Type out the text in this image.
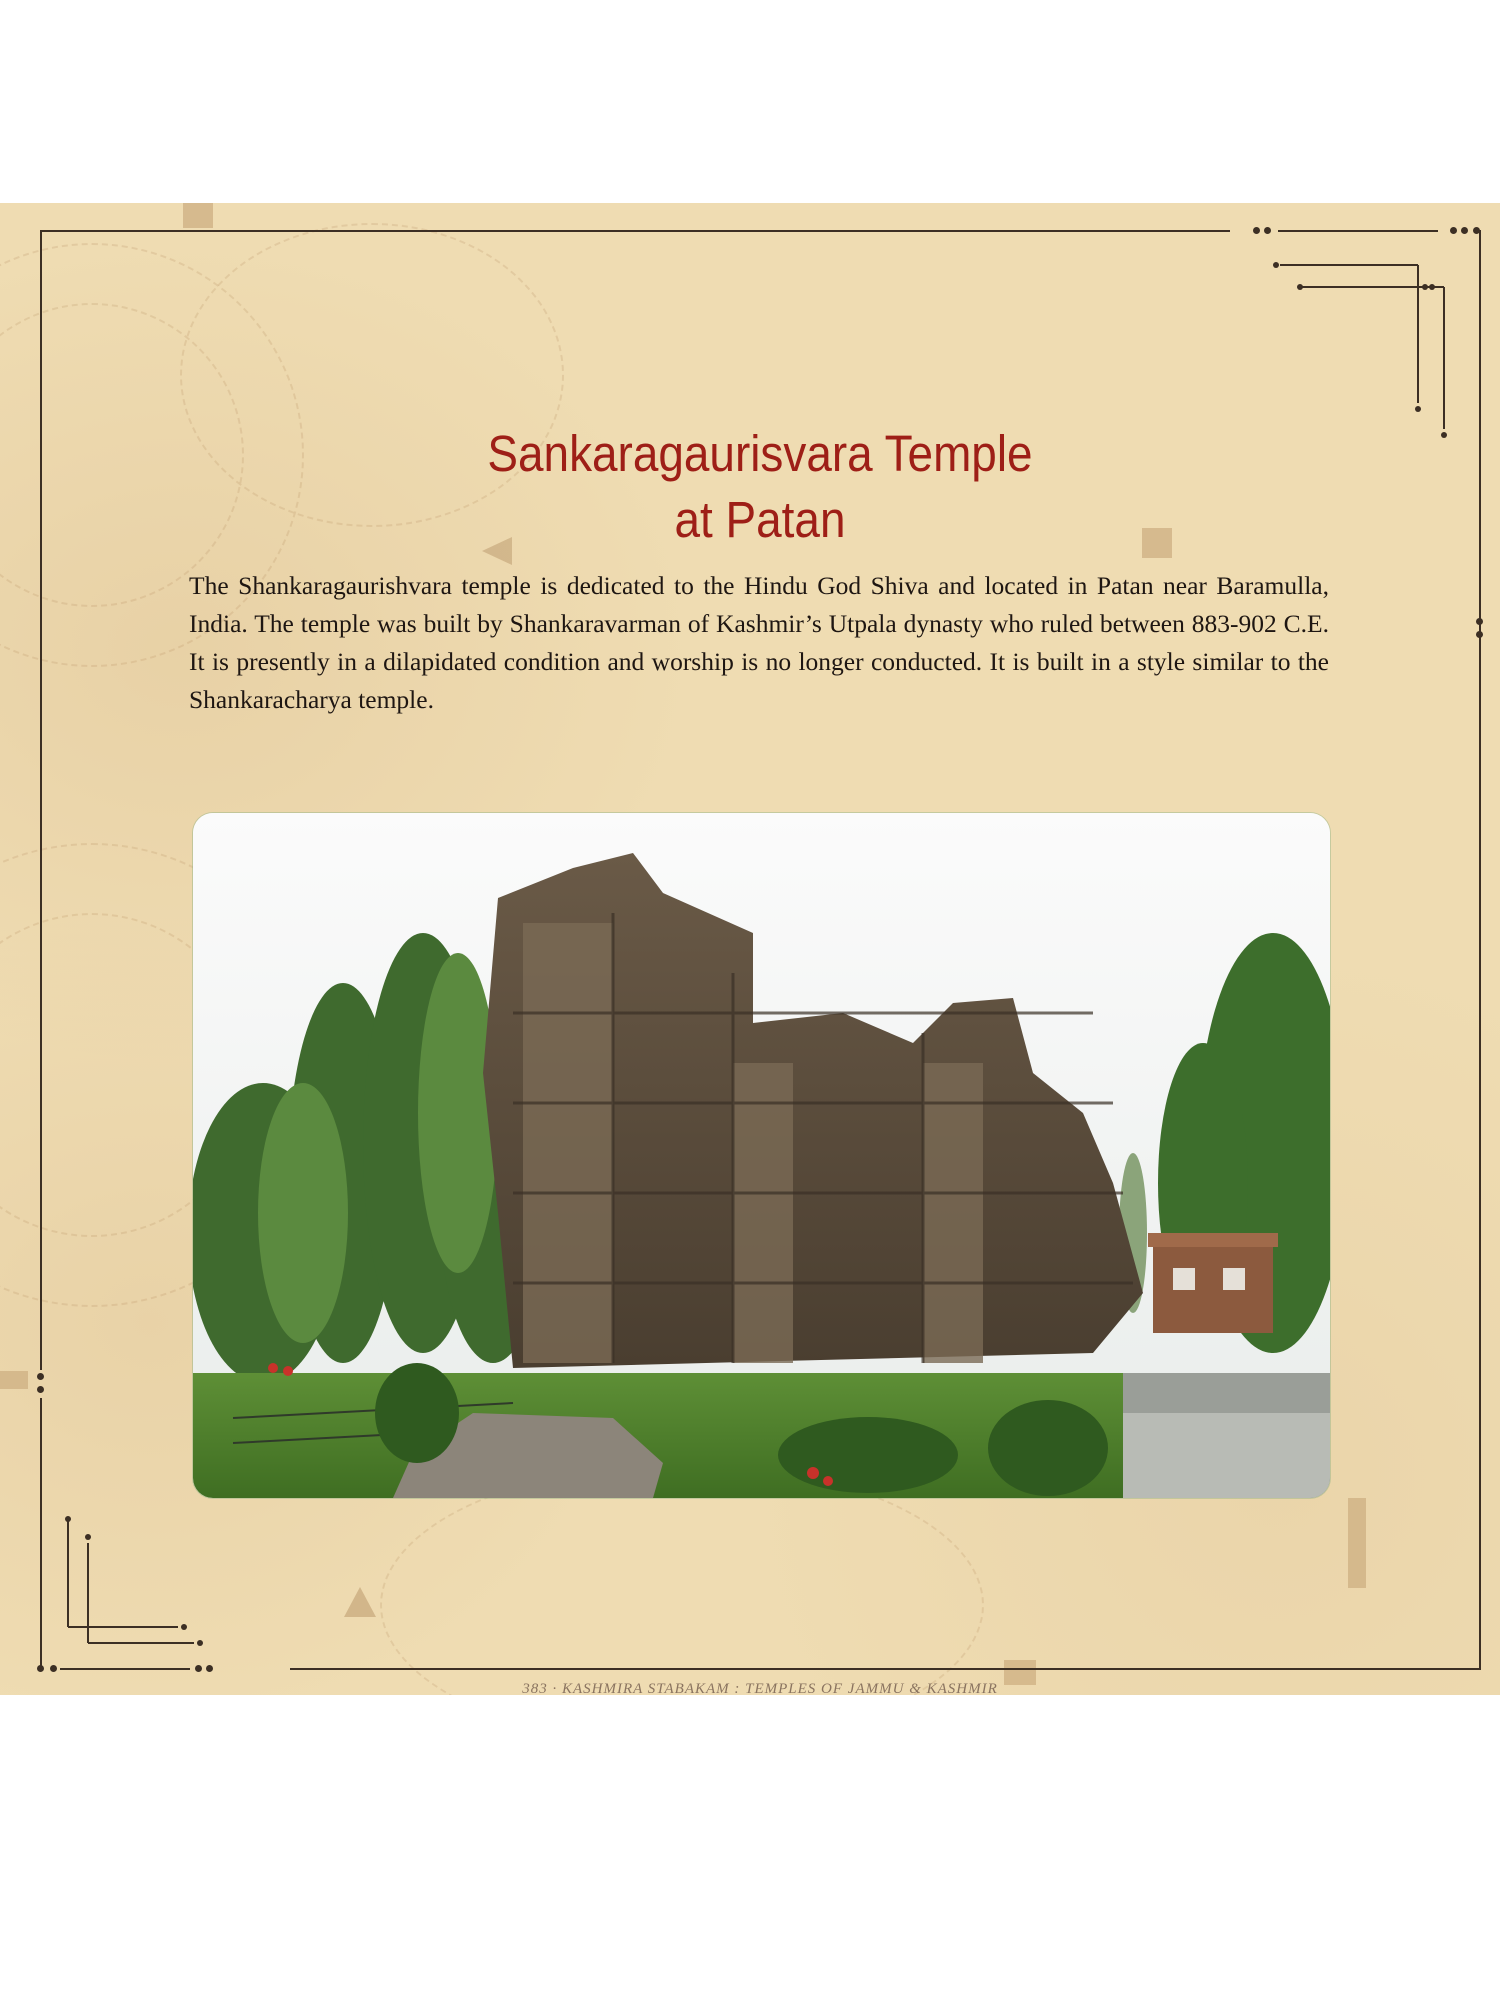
Sankaragaurisvara Temple
at Patan

The Shankaragaurishvara temple is dedicated to the Hindu God Shiva and located in Patan near Baramulla, India. The temple was built by Shankaravarman of Kashmir’s Utpala dynasty who ruled between 883-902 C.E. It is presently in a dilapidated condition and worship is no longer conducted. It is built in a style similar to the Shankaracharya temple.

383 · KASHMIRA STABAKAM : TEMPLES OF JAMMU & KASHMIR
